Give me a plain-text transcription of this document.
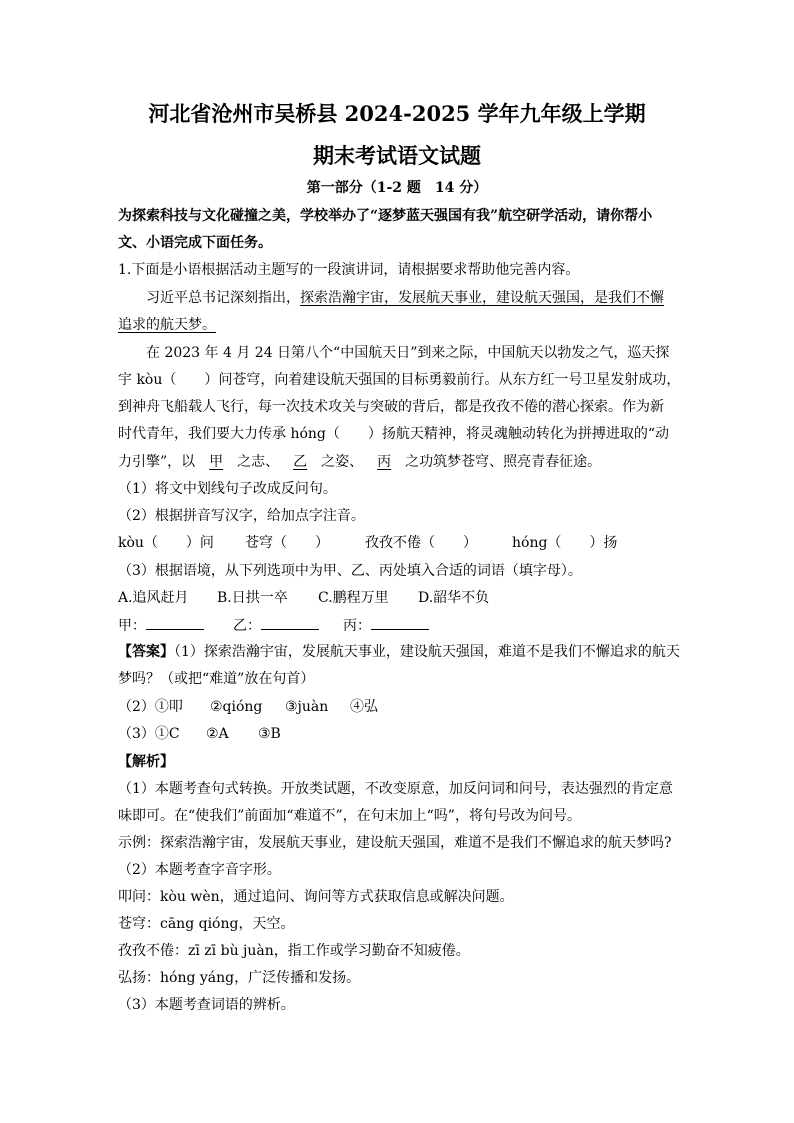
河北省沧州市吴桥县 2024-2025 学年九年级上学期
期末考试语文试题
第一部分（1-2 题　14 分）
为探索科技与文化碰撞之美，学校举办了“逐梦蓝天强国有我”航空研学活动，请你帮小
文、小语完成下面任务。
1.下面是小语根据活动主题写的一段演讲词，请根据要求帮助他完善内容。
习近平总书记深刻指出，探索浩瀚宇宙，发展航天事业，建设航天强国，是我们不懈
追求的航天梦。
在 2023 年 4 月 24 日第八个“中国航天日”到来之际，中国航天以勃发之气，巡天探
宇 kòu（　　）问苍穹，向着建设航天强国的目标勇毅前行。从东方红一号卫星发射成功，
到神舟飞船载人飞行，每一次技术攻关与突破的背后，都是孜孜不倦的潜心探索。作为新
时代青年，我们要大力传承 hóng（　　）扬航天精神，将灵魂触动转化为拼搏进取的“动
力引擎”，以 甲 之志、 乙 之姿、 丙 之功筑梦苍穹、照亮青春征途。
（1）将文中划线句子改成反问句。
（2）根据拼音写汉字，给加点字注音。
kòu（　　）问 苍穹（　　）	孜孜不倦（　　）	hóng（　　）扬
（3）根据语境，从下列选项中为甲、乙、丙处填入合适的词语（填字母）。
A.追风赶月 B.日拱一卒 C.鹏程万里 D.韶华不负
甲：	乙：	丙：
【答案】（1）探索浩瀚宇宙，发展航天事业，建设航天强国，难道不是我们不懈追求的航天
梦吗？（或把“难道”放在句首）
（2）①叩 ②qióng ③juàn ④弘
（3）①C ②A ③B
【解析】
（1）本题考查句式转换。开放类试题，不改变原意，加反问词和问号，表达强烈的肯定意
味即可。在“使我们”前面加“难道不”，在句末加上“吗”，将句号改为问号。
示例：探索浩瀚宇宙，发展航天事业，建设航天强国，难道不是我们不懈追求的航天梦吗?
（2）本题考查字音字形。
叩问：kòu wèn，通过追问、询问等方式获取信息或解决问题。
苍穹：cāng qióng，天空。
孜孜不倦：zī zī bù juàn，指工作或学习勤奋不知疲倦。
弘扬：hóng yáng，广泛传播和发扬。
（3）本题考查词语的辨析。
